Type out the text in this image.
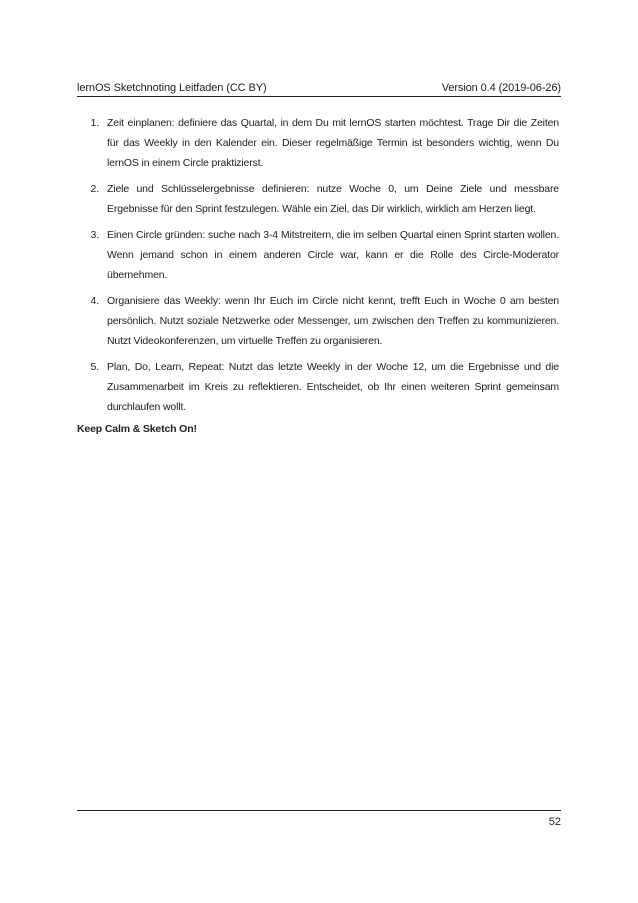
lernOS Sketchnoting Leitfaden (CC BY)	Version 0.4 (2019-06-26)
1. Zeit einplanen: definiere das Quartal, in dem Du mit lernOS starten möchtest. Trage Dir die Zeiten für das Weekly in den Kalender ein. Dieser regelmäßige Termin ist besonders wichtig, wenn Du lernOS in einem Circle praktizierst.
2. Ziele und Schlüsselergebnisse definieren: nutze Woche 0, um Deine Ziele und messbare Ergebnisse für den Sprint festzulegen. Wähle ein Ziel, das Dir wirklich, wirklich am Herzen liegt.
3. Einen Circle gründen: suche nach 3-4 Mitstreitern, die im selben Quartal einen Sprint starten wollen. Wenn jemand schon in einem anderen Circle war, kann er die Rolle des Circle-Moderator übernehmen.
4. Organisiere das Weekly: wenn Ihr Euch im Circle nicht kennt, trefft Euch in Woche 0 am besten persönlich. Nutzt soziale Netzwerke oder Messenger, um zwischen den Treffen zu kommunizieren. Nutzt Videokonferenzen, um virtuelle Treffen zu organisieren.
5. Plan, Do, Learn, Repeat: Nutzt das letzte Weekly in der Woche 12, um die Ergebnisse und die Zusammenarbeit im Kreis zu reflektieren. Entscheidet, ob Ihr einen weiteren Sprint gemeinsam durchlaufen wollt.
Keep Calm & Sketch On!
52
